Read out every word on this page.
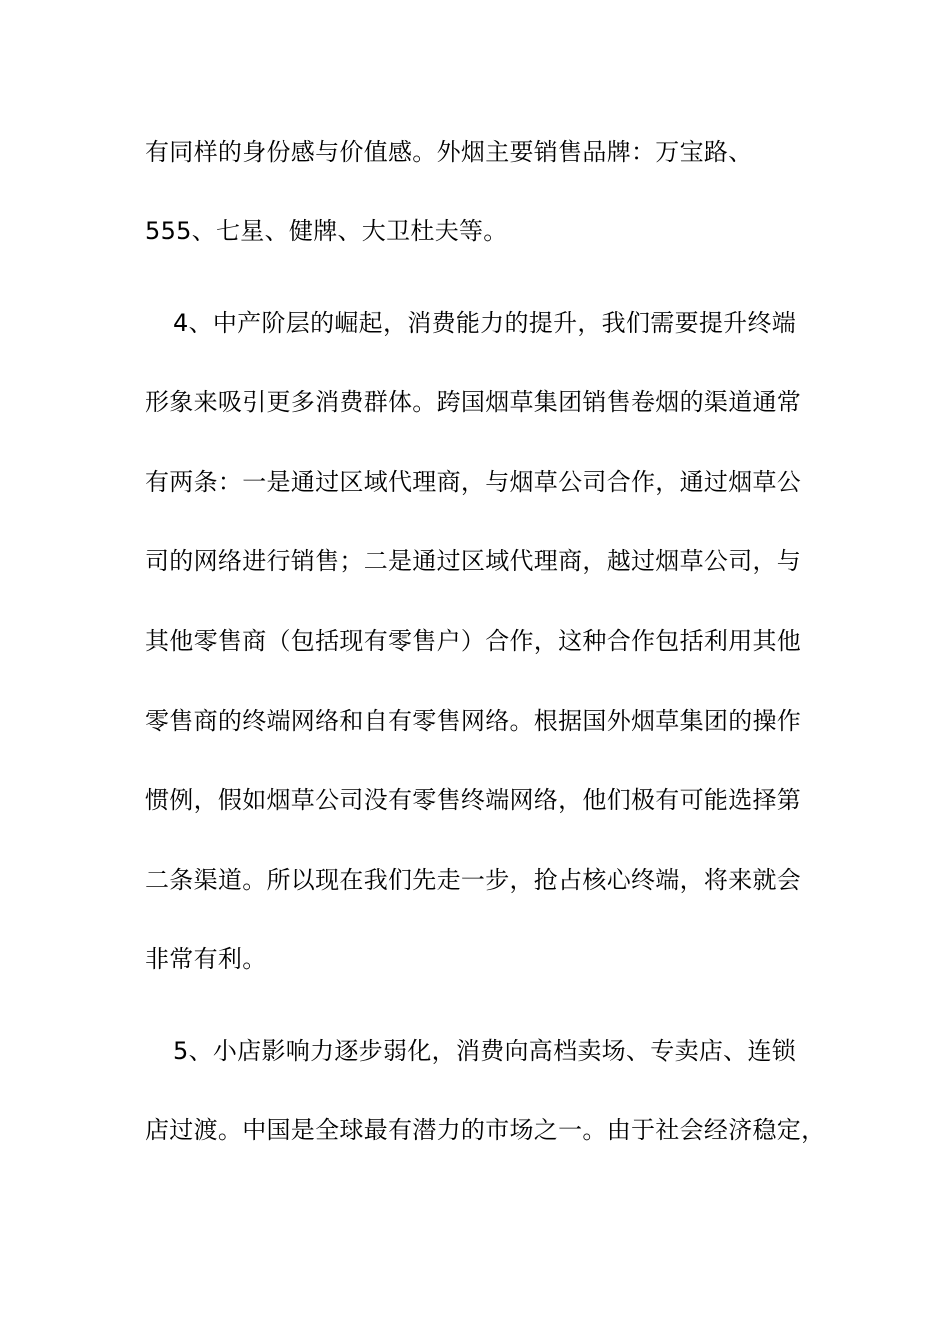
有同样的身份感与价值感。外烟主要销售品牌：万宝路、
555、七星、健牌、大卫杜夫等。
4、中产阶层的崛起，消费能力的提升，我们需要提升终端
形象来吸引更多消费群体。跨国烟草集团销售卷烟的渠道通常
有两条：一是通过区域代理商，与烟草公司合作，通过烟草公
司的网络进行销售；二是通过区域代理商，越过烟草公司，与
其他零售商（包括现有零售户）合作，这种合作包括利用其他
零售商的终端网络和自有零售网络。根据国外烟草集团的操作
惯例，假如烟草公司没有零售终端网络，他们极有可能选择第
二条渠道。所以现在我们先走一步，抢占核心终端，将来就会
非常有利。
5、小店影响力逐步弱化，消费向高档卖场、专卖店、连锁
店过渡。中国是全球最有潜力的市场之一。由于社会经济稳定，
